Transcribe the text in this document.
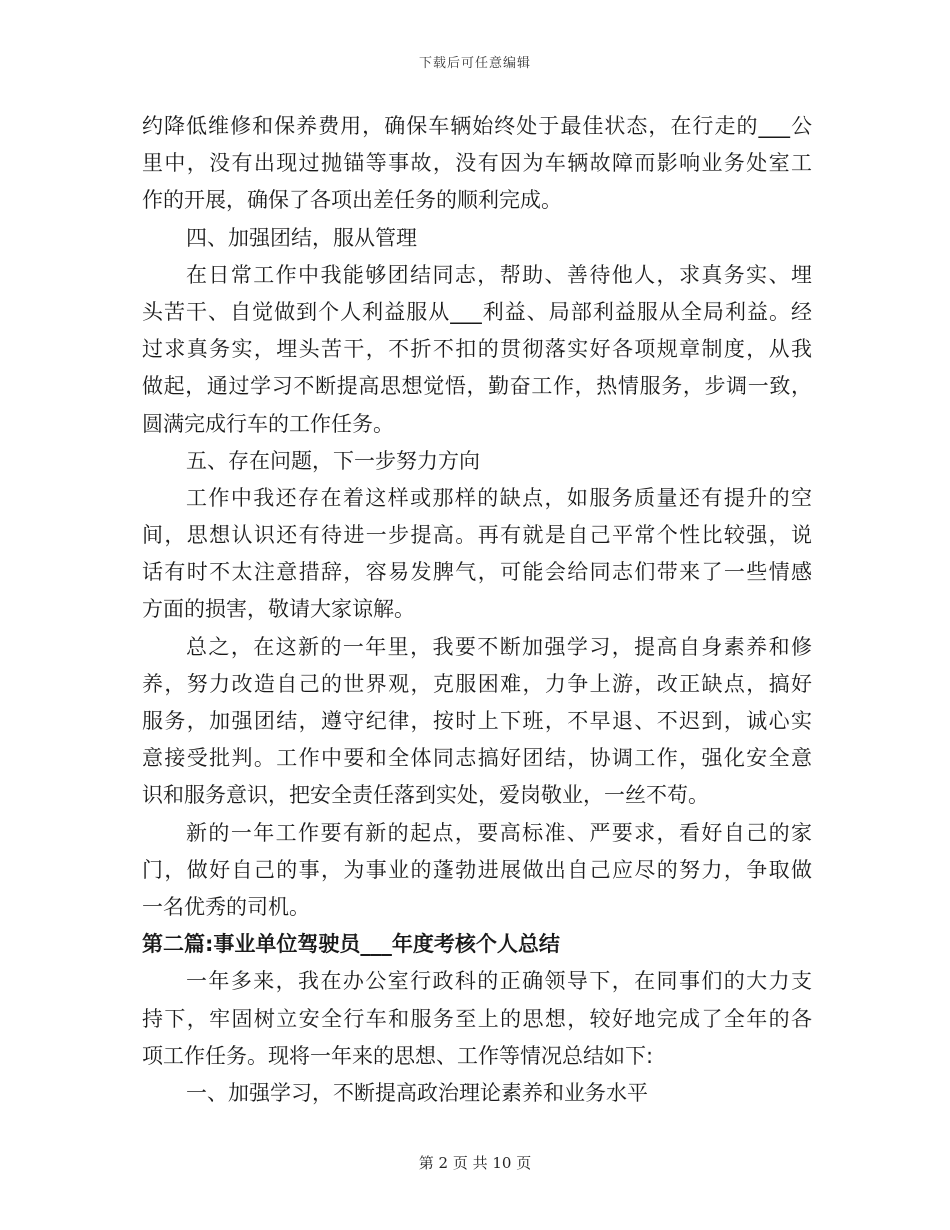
下载后可任意编辑
约降低维修和保养费用，确保车辆始终处于最佳状态，在行走的___公
里中，没有出现过抛锚等事故，没有因为车辆故障而影响业务处室工
作的开展，确保了各项出差任务的顺利完成。
四、加强团结，服从管理
在日常工作中我能够团结同志，帮助、善待他人，求真务实、埋
头苦干、自觉做到个人利益服从___利益、局部利益服从全局利益。经
过求真务实，埋头苦干，不折不扣的贯彻落实好各项规章制度，从我
做起，通过学习不断提高思想觉悟，勤奋工作，热情服务，步调一致，
圆满完成行车的工作任务。
五、存在问题，下一步努力方向
工作中我还存在着这样或那样的缺点，如服务质量还有提升的空
间，思想认识还有待进一步提高。再有就是自己平常个性比较强，说
话有时不太注意措辞，容易发脾气，可能会给同志们带来了一些情感
方面的损害，敬请大家谅解。
总之，在这新的一年里，我要不断加强学习，提高自身素养和修
养，努力改造自己的世界观，克服困难，力争上游，改正缺点，搞好
服务，加强团结，遵守纪律，按时上下班，不早退、不迟到，诚心实
意接受批判。工作中要和全体同志搞好团结，协调工作，强化安全意
识和服务意识，把安全责任落到实处，爱岗敬业，一丝不苟。
新的一年工作要有新的起点，要高标准、严要求，看好自己的家
门，做好自己的事，为事业的蓬勃进展做出自己应尽的努力，争取做
一名优秀的司机。
第二篇:事业单位驾驶员___年度考核个人总结
一年多来，我在办公室行政科的正确领导下，在同事们的大力支
持下，牢固树立安全行车和服务至上的思想，较好地完成了全年的各
项工作任务。现将一年来的思想、工作等情况总结如下:
一、加强学习，不断提高政治理论素养和业务水平
第 2 页 共 10 页
